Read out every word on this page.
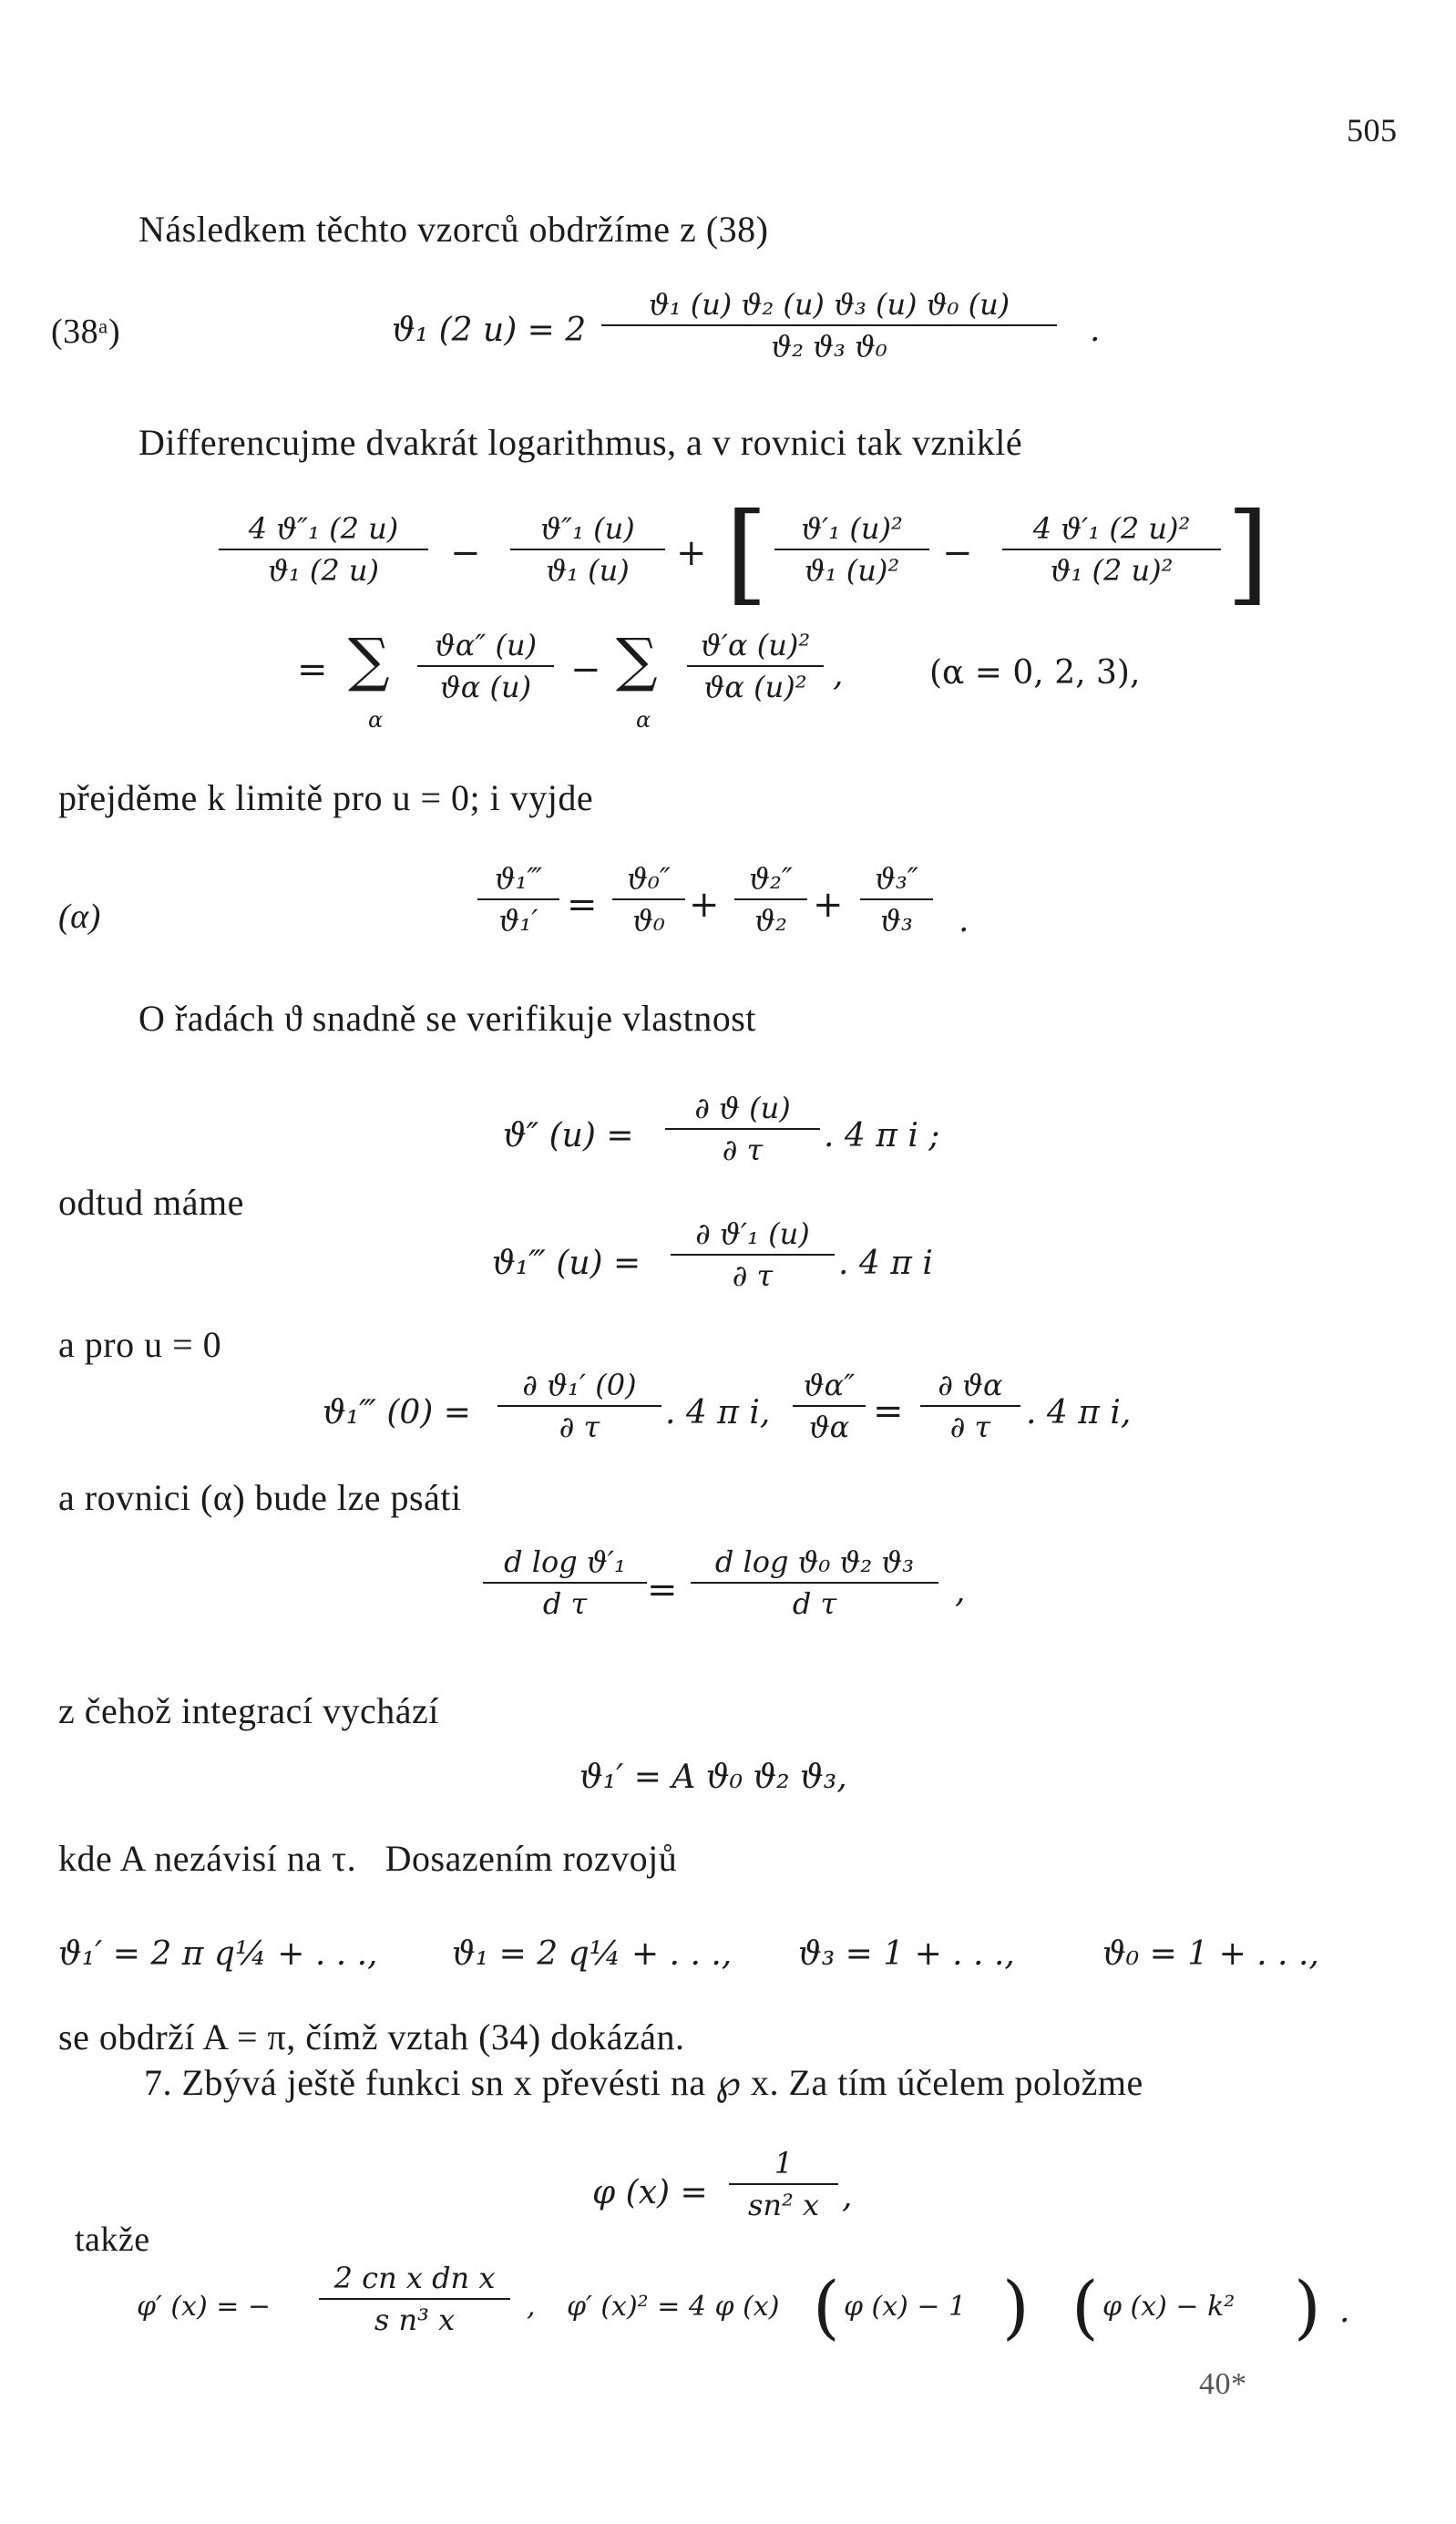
505
Následkem těchto vzorců obdržíme z (38)
(38ᵃ)	ϑ₁ (2 u) = 2
ϑ₁ (u) ϑ₂ (u) ϑ₃ (u) ϑ₀ (u)
ϑ₂ ϑ₃ ϑ₀	.
Differencujme dvakrát logarithmus, a v rovnici tak vzniklé
4 ϑ″₁ (2 u)
ϑ₁ (2 u)	−
ϑ″₁ (u)
ϑ₁ (u)	+ [	ϑ′₁ (u)²
ϑ₁ (u)²	−
4 ϑ′₁ (2 u)²
ϑ₁ (2 u)² ]
= ∑
α
ϑα″ (u)
ϑα (u)	− ∑
α
ϑ′α (u)²
ϑα (u)² ,	(α = 0, 2, 3),
přejděme k limitě pro u = 0; i vyjde
(α)
ϑ₁‴
ϑ₁′ =
ϑ₀″
ϑ₀ +
ϑ₂″
ϑ₂ +
ϑ₃″
ϑ₃	.
O řadách ϑ snadně se verifikuje vlastnost
ϑ″ (u) =
∂ ϑ (u)
∂ τ	. 4 π i ;
odtud máme
ϑ₁‴ (u) =
∂ ϑ′₁ (u)
∂ τ	. 4 π i
a pro u = 0
ϑ₁‴ (0) =
∂ ϑ₁′ (0)
∂ τ	. 4 π i,
ϑα″
ϑα =
∂ ϑα
∂ τ	. 4 π i,
a rovnici (α) bude lze psáti
d log ϑ′₁
d τ	=
d log ϑ₀ ϑ₂ ϑ₃
d τ	,
z čehož integrací vychází
ϑ₁′ = A ϑ₀ ϑ₂ ϑ₃,
kde A nezávisí na τ.   Dosazením rozvojů
ϑ₁′ = 2 π q¼ + . . ., ϑ₁ = 2 q¼ + . . ., ϑ₃ = 1 + . . .,	ϑ₀ = 1 + . . .,
se obdrží A = π, čímž vztah (34) dokázán.
7. Zbývá ještě funkci sn x převésti na ℘ x. Za tím účelem položme
φ (x) =
1
sn² x ,
takže
φ′ (x) = −
2 cn x dn x
s n³ x	, φ′ (x)² = 4 φ (x) ( φ (x) − 1 ) ( φ (x) − k² ) .
40*
